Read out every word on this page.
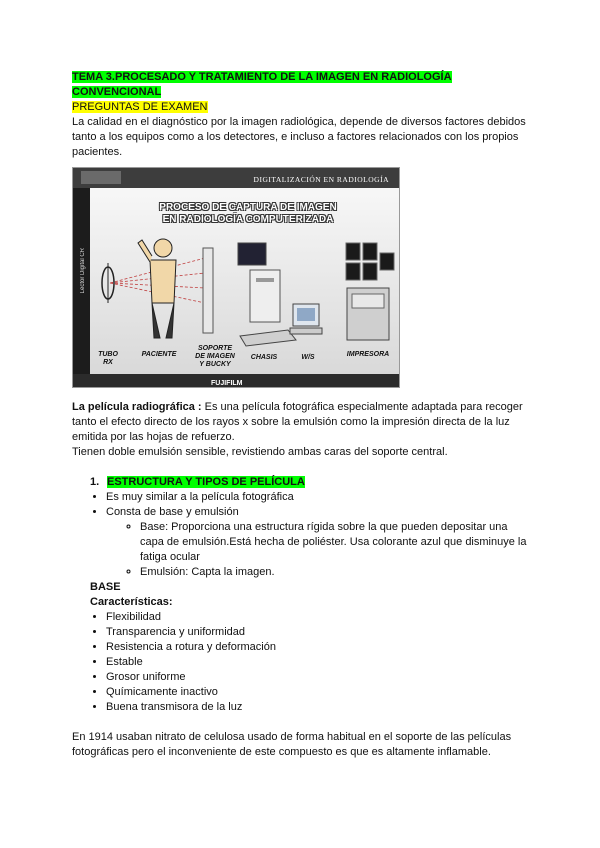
TEMA 3.PROCESADO Y TRATAMIENTO DE LA IMAGEN EN RADIOLOGÍA
CONVENCIONAL
PREGUNTAS DE EXAMEN

La calidad en el diagnóstico por la imagen radiológica, depende de diversos factores debidos tanto a los equipos como a los detectores, e incluso a factores relacionados con los propios pacientes.

DIGITALIZACIÓN EN RADIOLOGÍA
Lector Digital CR
PROCESO DE CAPTURA DE IMAGEN
EN RADIOLOGÍA COMPUTERIZADA
TUBO
RX
PACIENTE
SOPORTE
DE IMAGEN
Y BUCKY
CHASIS	W/S	IMPRESORA
FUJIFILM

La película radiográfica : Es una película fotográfica especialmente adaptada para recoger tanto el efecto directo de los rayos x sobre la emulsión como la impresión directa de la luz emitida por las hojas de refuerzo.

Tienen doble emulsión sensible, revistiendo ambas caras del soporte central.

1. ESTRUCTURA Y TIPOS DE PELÍCULA
• Es muy similar a la película fotográfica
• Consta de base y emulsión
◦ Base: Proporciona una estructura rígida sobre la que pueden depositar una capa de emulsión.Está hecha de poliéster. Usa colorante azul que disminuye la fatiga ocular
◦ Emulsión: Capta la imagen.
BASE
Características:
• Flexibilidad
• Transparencia y uniformidad
• Resistencia a rotura y deformación
• Estable
• Grosor uniforme
• Químicamente inactivo
• Buena transmisora de la luz

En 1914 usaban nitrato de celulosa usado de forma habitual en el soporte de las películas fotográficas pero el inconveniente de este compuesto es que es altamente inflamable.
